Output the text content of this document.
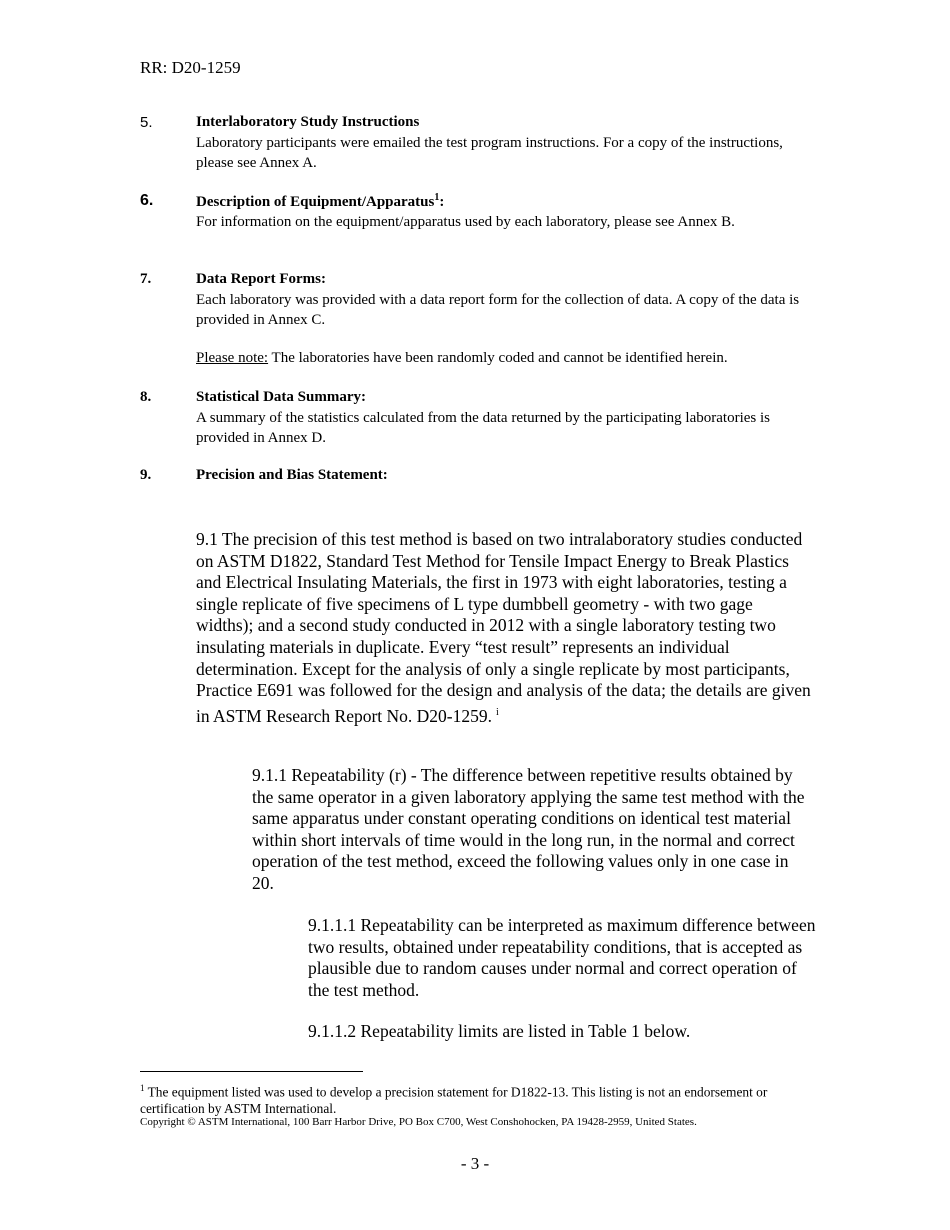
RR: D20-1259
5.	Interlaboratory Study Instructions
Laboratory participants were emailed the test program instructions. For a copy of the instructions, please see Annex A.
6.	Description of Equipment/Apparatus$^1$:
For information on the equipment/apparatus used by each laboratory, please see Annex B.
7.	Data Report Forms:
Each laboratory was provided with a data report form for the collection of data. A copy of the data is provided in Annex C.
Please note: The laboratories have been randomly coded and cannot be identified herein.
8.	Statistical Data Summary:
A summary of the statistics calculated from the data returned by the participating laboratories is provided in Annex D.
9.	Precision and Bias Statement:
9.1 The precision of this test method is based on two intralaboratory studies conducted on ASTM D1822, Standard Test Method for Tensile Impact Energy to Break Plastics and Electrical Insulating Materials, the first in 1973 with eight laboratories, testing a single replicate of five specimens of L type dumbbell geometry - with two gage widths); and a second study conducted in 2012 with a single laboratory testing two insulating materials in duplicate. Every “test result” represents an individual determination. Except for the analysis of only a single replicate by most participants, Practice E691 was followed for the design and analysis of the data; the details are given in ASTM Research Report No. D20-1259. $^i$
9.1.1 Repeatability (r) - The difference between repetitive results obtained by the same operator in a given laboratory applying the same test method with the same apparatus under constant operating conditions on identical test material within short intervals of time would in the long run, in the normal and correct operation of the test method, exceed the following values only in one case in 20.
9.1.1.1 Repeatability can be interpreted as maximum difference between two results, obtained under repeatability conditions, that is accepted as plausible due to random causes under normal and correct operation of the test method.
9.1.1.2 Repeatability limits are listed in Table 1 below.
$^1$ The equipment listed was used to develop a precision statement for D1822-13. This listing is not an endorsement or certification by ASTM International.
Copyright © ASTM International, 100 Barr Harbor Drive, PO Box C700, West Conshohocken, PA 19428-2959, United States.
- 3 -
